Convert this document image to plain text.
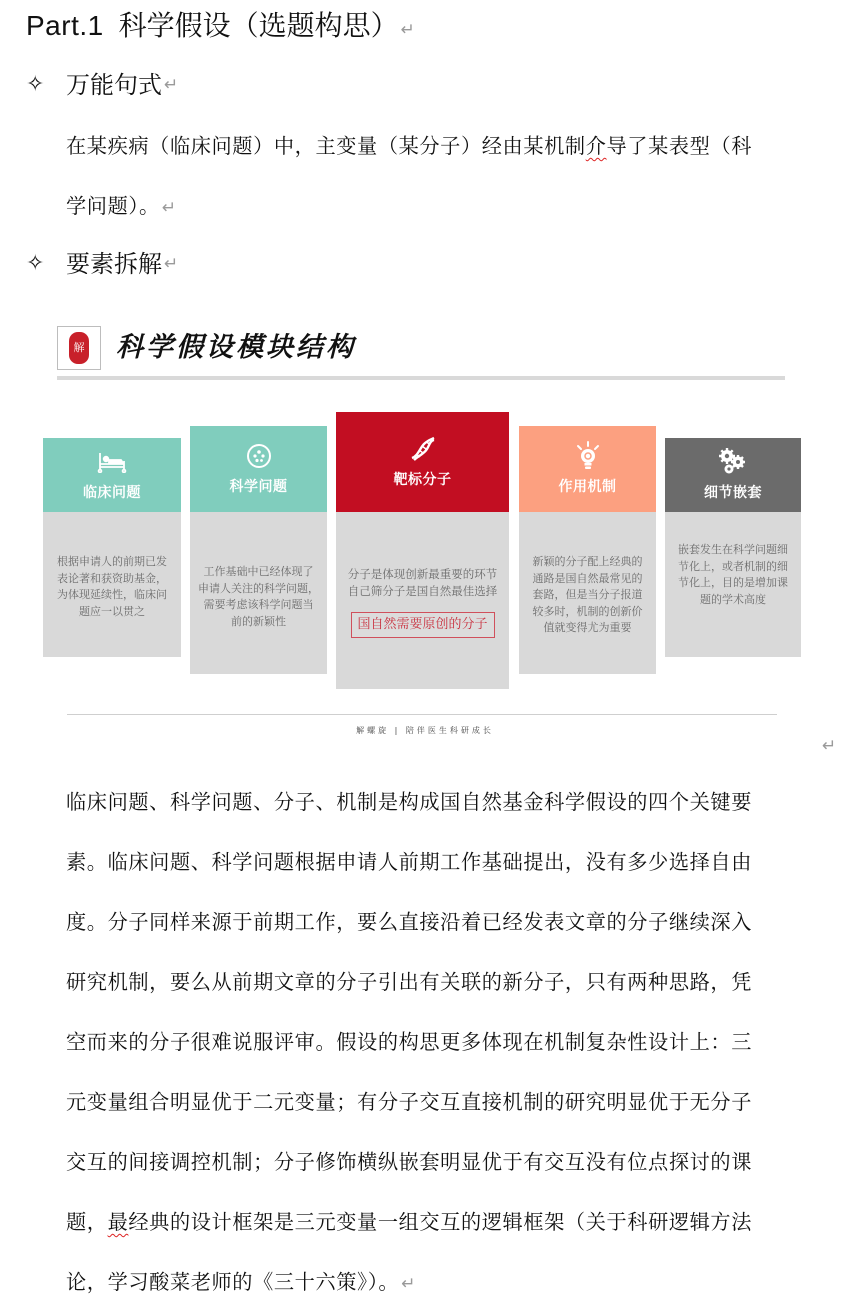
Part.1 科学假设（选题构思） ↵
✧ 万能句式 ↵
在某疾病（临床问题）中，主变量（某分子）经由某机制介导了某表型（科
学问题）。 ↵
✧ 要素拆解 ↵
解 科学假设模块结构
临床问题
根据申请人的前期已发
表论著和获资助基金，
为体现延续性，临床问
题应一以贯之
科学问题
工作基础中已经体现了
申请人关注的科学问题，
需要考虑该科学问题当
前的新颖性
靶标分子
分子是体现创新最重要的环节
自己筛分子是国自然最佳选择
国自然需要原创的分子
作用机制
新颖的分子配上经典的
通路是国自然最常见的
套路，但是当分子报道
较多时，机制的创新价
值就变得尤为重要
细节嵌套
嵌套发生在科学问题细
节化上，或者机制的细
节化上，目的是增加课
题的学术高度
解螺旋 | 陪伴医生科研成长
↵
临床问题、科学问题、分子、机制是构成国自然基金科学假设的四个关键要
素。临床问题、科学问题根据申请人前期工作基础提出，没有多少选择自由
度。分子同样来源于前期工作，要么直接沿着已经发表文章的分子继续深入
研究机制，要么从前期文章的分子引出有关联的新分子，只有两种思路，凭
空而来的分子很难说服评审。假设的构思更多体现在机制复杂性设计上：三
元变量组合明显优于二元变量；有分子交互直接机制的研究明显优于无分子
交互的间接调控机制；分子修饰横纵嵌套明显优于有交互没有位点探讨的课
题，最经典的设计框架是三元变量一组交互的逻辑框架（关于科研逻辑方法
论，学习酸菜老师的《三十六策》）。 ↵
